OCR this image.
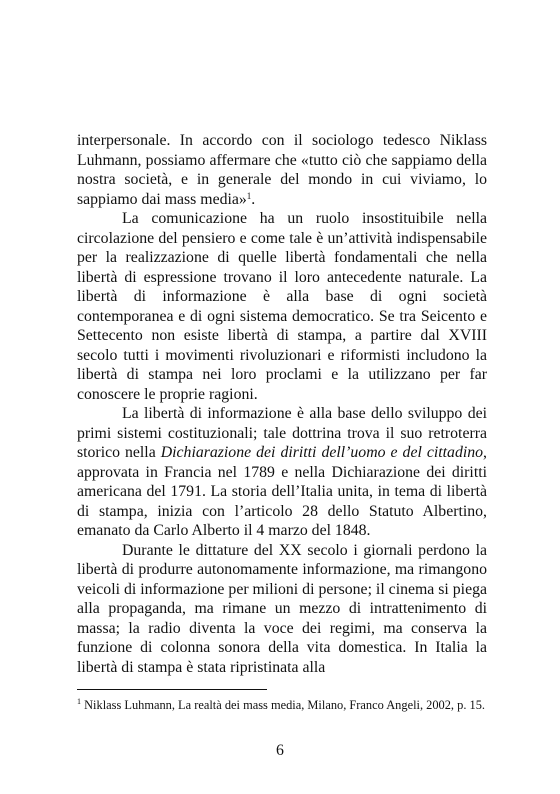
interpersonale. In accordo con il sociologo tedesco Niklass Luhmann, possiamo affermare che «tutto ciò che sappiamo della nostra società, e in generale del mondo in cui viviamo, lo sappiamo dai mass media»$^1$.

La comunicazione ha un ruolo insostituibile nella circolazione del pensiero e come tale è un’attività indispensabile per la realizzazione di quelle libertà fondamentali che nella libertà di espressione trovano il loro antecedente naturale. La libertà di informazione è alla base di ogni società contemporanea e di ogni sistema democratico. Se tra Seicento e Settecento non esiste libertà di stampa, a partire dal XVIII secolo tutti i movimenti rivoluzionari e riformisti includono la libertà di stampa nei loro proclami e la utilizzano per far conoscere le proprie ragioni.

La libertà di informazione è alla base dello sviluppo dei primi sistemi costituzionali; tale dottrina trova il suo retroterra storico nella Dichiarazione dei diritti dell’uomo e del cittadino, approvata in Francia nel 1789 e nella Dichiarazione dei diritti americana del 1791. La storia dell’Italia unita, in tema di libertà di stampa, inizia con l’articolo 28 dello Statuto Albertino, emanato da Carlo Alberto il 4 marzo del 1848.

Durante le dittature del XX secolo i giornali perdono la libertà di produrre autonomamente informazione, ma rimangono veicoli di informazione per milioni di persone; il cinema si piega alla propaganda, ma rimane un mezzo di intrattenimento di massa; la radio diventa la voce dei regimi, ma conserva la funzione di colonna sonora della vita domestica. In Italia la libertà di stampa è stata ripristinata alla

$^1$ Niklass Luhmann, La realtà dei mass media, Milano, Franco Angeli, 2002, p. 15.
6
